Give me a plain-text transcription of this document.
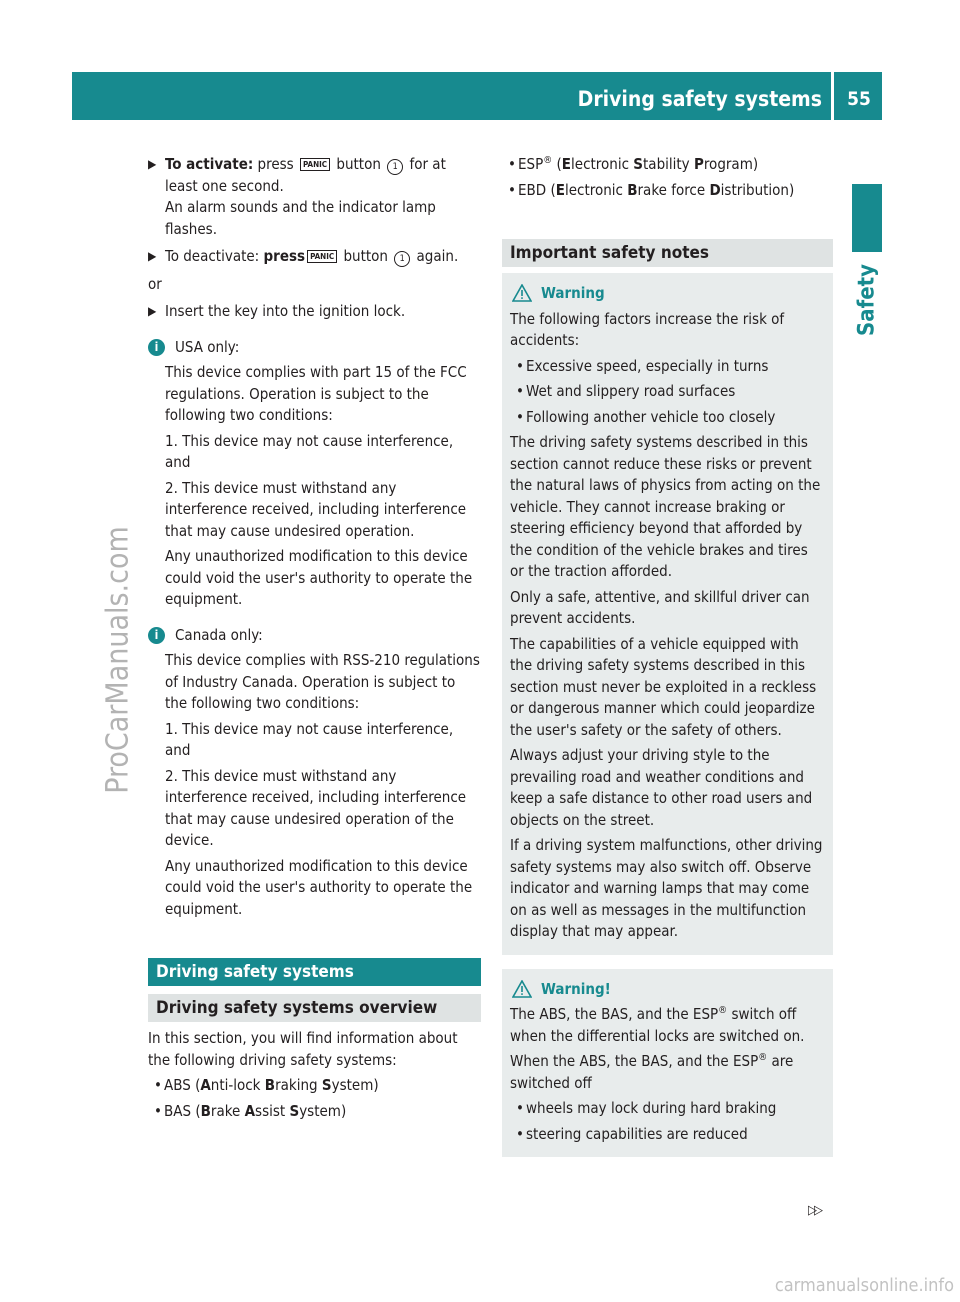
Driving safety systems	55
Safety
ProCarManuals.com
carmanualsonline.info
▶ To activate: press PANIC button 1 for at least one second.

An alarm sounds and the indicator lamp flashes.

▶ To deactivate: press PANIC button 1 again.

or

▶ Insert the key into the ignition lock.

i	USA only:

This device complies with part 15 of the FCC regulations. Operation is subject to the following two conditions:

1. This device may not cause interference, and

2. This device must withstand any interference received, including interference that may cause undesired operation.

Any unauthorized modification to this device could void the user's authority to operate the equipment.

i	Canada only:

This device complies with RSS-210 regulations of Industry Canada. Operation is subject to the following two conditions:

1. This device may not cause interference, and

2. This device must withstand any interference received, including interference that may cause undesired operation of the device.

Any unauthorized modification to this device could void the user's authority to operate the equipment.

Driving safety systems
Driving safety systems overview

In this section, you will find information about the following driving safety systems:

• ABS (Anti-lock Braking System)
• BAS (Brake Assist System)
• ESP® (Electronic Stability Program)
• EBD (Electronic Brake force Distribution)
Important safety notes
Warning

The following factors increase the risk of accidents:

• Excessive speed, especially in turns
• Wet and slippery road surfaces
• Following another vehicle too closely

The driving safety systems described in this section cannot reduce these risks or prevent the natural laws of physics from acting on the vehicle. They cannot increase braking or steering efficiency beyond that afforded by the condition of the vehicle brakes and tires or the traction afforded.

Only a safe, attentive, and skillful driver can prevent accidents.

The capabilities of a vehicle equipped with the driving safety systems described in this section must never be exploited in a reckless or dangerous manner which could jeopardize the user's safety or the safety of others.

Always adjust your driving style to the prevailing road and weather conditions and keep a safe distance to other road users and objects on the street.

If a driving system malfunctions, other driving safety systems may also switch off. Observe indicator and warning lamps that may come on as well as messages in the multifunction display that may appear.

Warning!

The ABS, the BAS, and the ESP® switch off when the differential locks are switched on.

When the ABS, the BAS, and the ESP® are switched off

• wheels may lock during hard braking
• steering capabilities are reduced
▷▷
